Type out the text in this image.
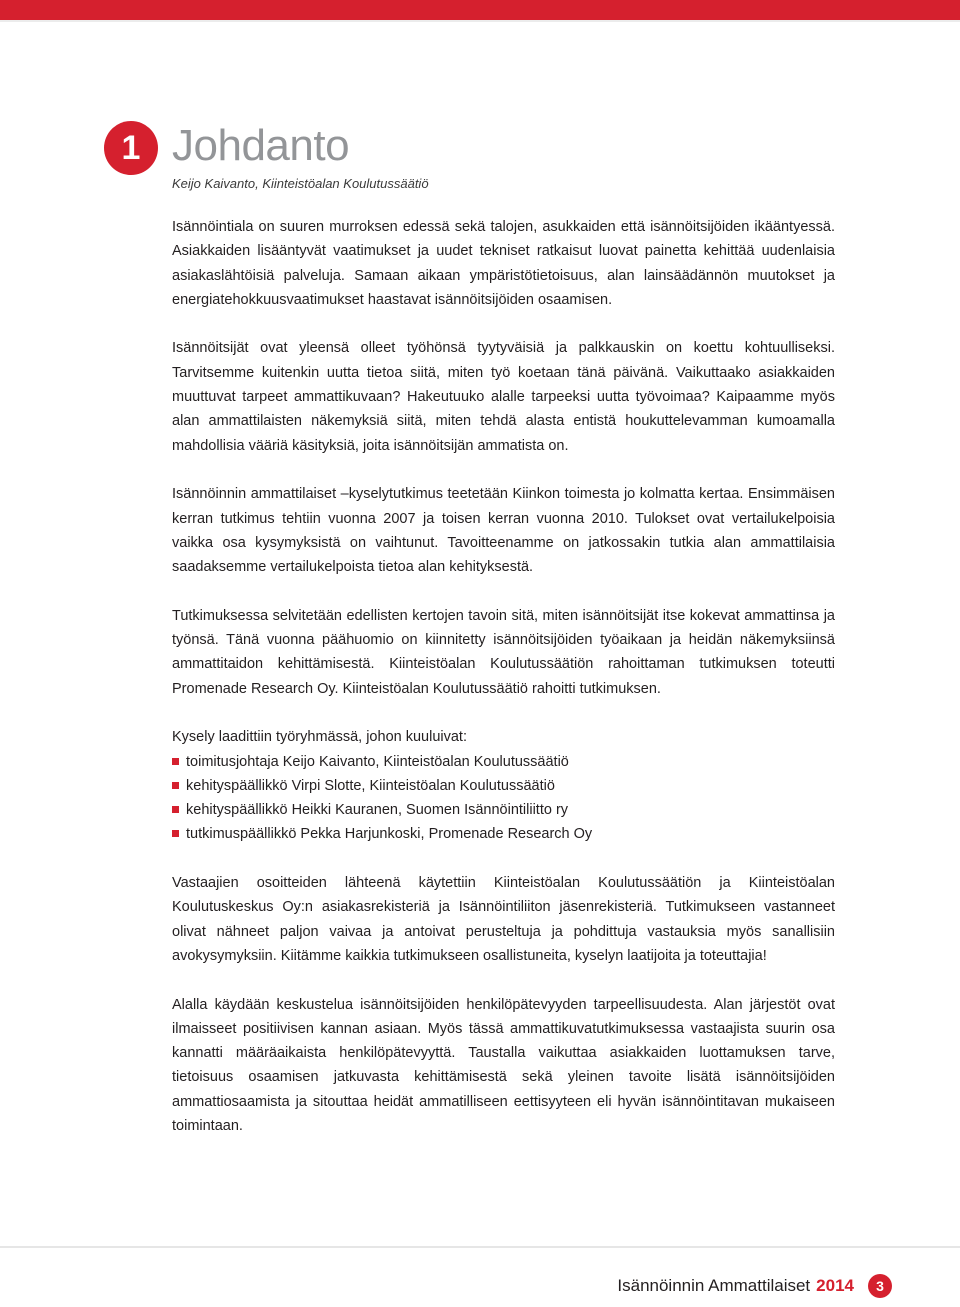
1 Johdanto
Keijo Kaivanto, Kiinteistöalan Koulutussäätiö

Isännöintiala on suuren murroksen edessä sekä talojen, asukkaiden että isännöitsijöiden ikääntyessä. Asiakkaiden lisääntyvät vaatimukset ja uudet tekniset ratkaisut luovat painetta kehittää uudenlaisia asiakaslähtöisiä palveluja. Samaan aikaan ympäristötietoisuus, alan lainsäädännön muutokset ja energiatehokkuusvaatimukset haastavat isännöitsijöiden osaamisen.

Isännöitsijät ovat yleensä olleet työhönsä tyytyväisiä ja palkkauskin on koettu kohtuulliseksi. Tarvitsemme kuitenkin uutta tietoa siitä, miten työ koetaan tänä päivänä. Vaikuttaako asiakkaiden muuttuvat tarpeet ammattikuvaan? Hakeutuuko alalle tarpeeksi uutta työvoimaa? Kaipaamme myös alan ammattilaisten näkemyksiä siitä, miten tehdä alasta entistä houkuttelevamman kumoamalla mahdollisia vääriä käsityksiä, joita isännöitsijän ammatista on.

Isännöinnin ammattilaiset –kyselytutkimus teetetään Kiinkon toimesta jo kolmatta kertaa. Ensimmäisen kerran tutkimus tehtiin vuonna 2007 ja toisen kerran vuonna 2010. Tulokset ovat vertailukelpoisia vaikka osa kysymyksistä on vaihtunut. Tavoitteenamme on jatkossakin tutkia alan ammattilaisia saadaksemme vertailukelpoista tietoa alan kehityksestä.

Tutkimuksessa selvitetään edellisten kertojen tavoin sitä, miten isännöitsijät itse kokevat ammattinsa ja työnsä. Tänä vuonna päähuomio on kiinnitetty isännöitsijöiden työaikaan ja heidän näkemyksiinsä ammattitaidon kehittämisestä. Kiinteistöalan Koulutussäätiön rahoittaman tutkimuksen toteutti Promenade Research Oy. Kiinteistöalan Koulutussäätiö rahoitti tutkimuksen.

Kysely laadittiin työryhmässä, johon kuuluivat:

toimitusjohtaja Keijo Kaivanto, Kiinteistöalan Koulutussäätiö
kehityspäällikkö Virpi Slotte, Kiinteistöalan Koulutussäätiö
kehityspäällikkö Heikki Kauranen, Suomen Isännöintiliitto ry
tutkimuspäällikkö Pekka Harjunkoski, Promenade Research Oy

Vastaajien osoitteiden lähteenä käytettiin Kiinteistöalan Koulutussäätiön ja Kiinteistöalan Koulutuskeskus Oy:n asiakasrekisteriä ja Isännöintiliiton jäsenrekisteriä. Tutkimukseen vastanneet olivat nähneet paljon vaivaa ja antoivat perusteltuja ja pohdittuja vastauksia myös sanallisiin avokysymyksiin. Kiitämme kaikkia tutkimukseen osallistuneita, kyselyn laatijoita ja toteuttajia!

Alalla käydään keskustelua isännöitsijöiden henkilöpätevyyden tarpeellisuudesta. Alan järjestöt ovat ilmaisseet positiivisen kannan asiaan. Myös tässä ammattikuvatutkimuksessa vastaajista suurin osa kannatti määräaikaista henkilöpätevyyttä. Taustalla vaikuttaa asiakkaiden luottamuksen tarve, tietoisuus osaamisen jatkuvasta kehittämisestä sekä yleinen tavoite lisätä isännöitsijöiden ammattiosaamista ja sitouttaa heidät ammatilliseen eettisyyteen eli hyvän isännöintitavan mukaiseen toimintaan.

Isännöinnin Ammattilaiset 2014	3
